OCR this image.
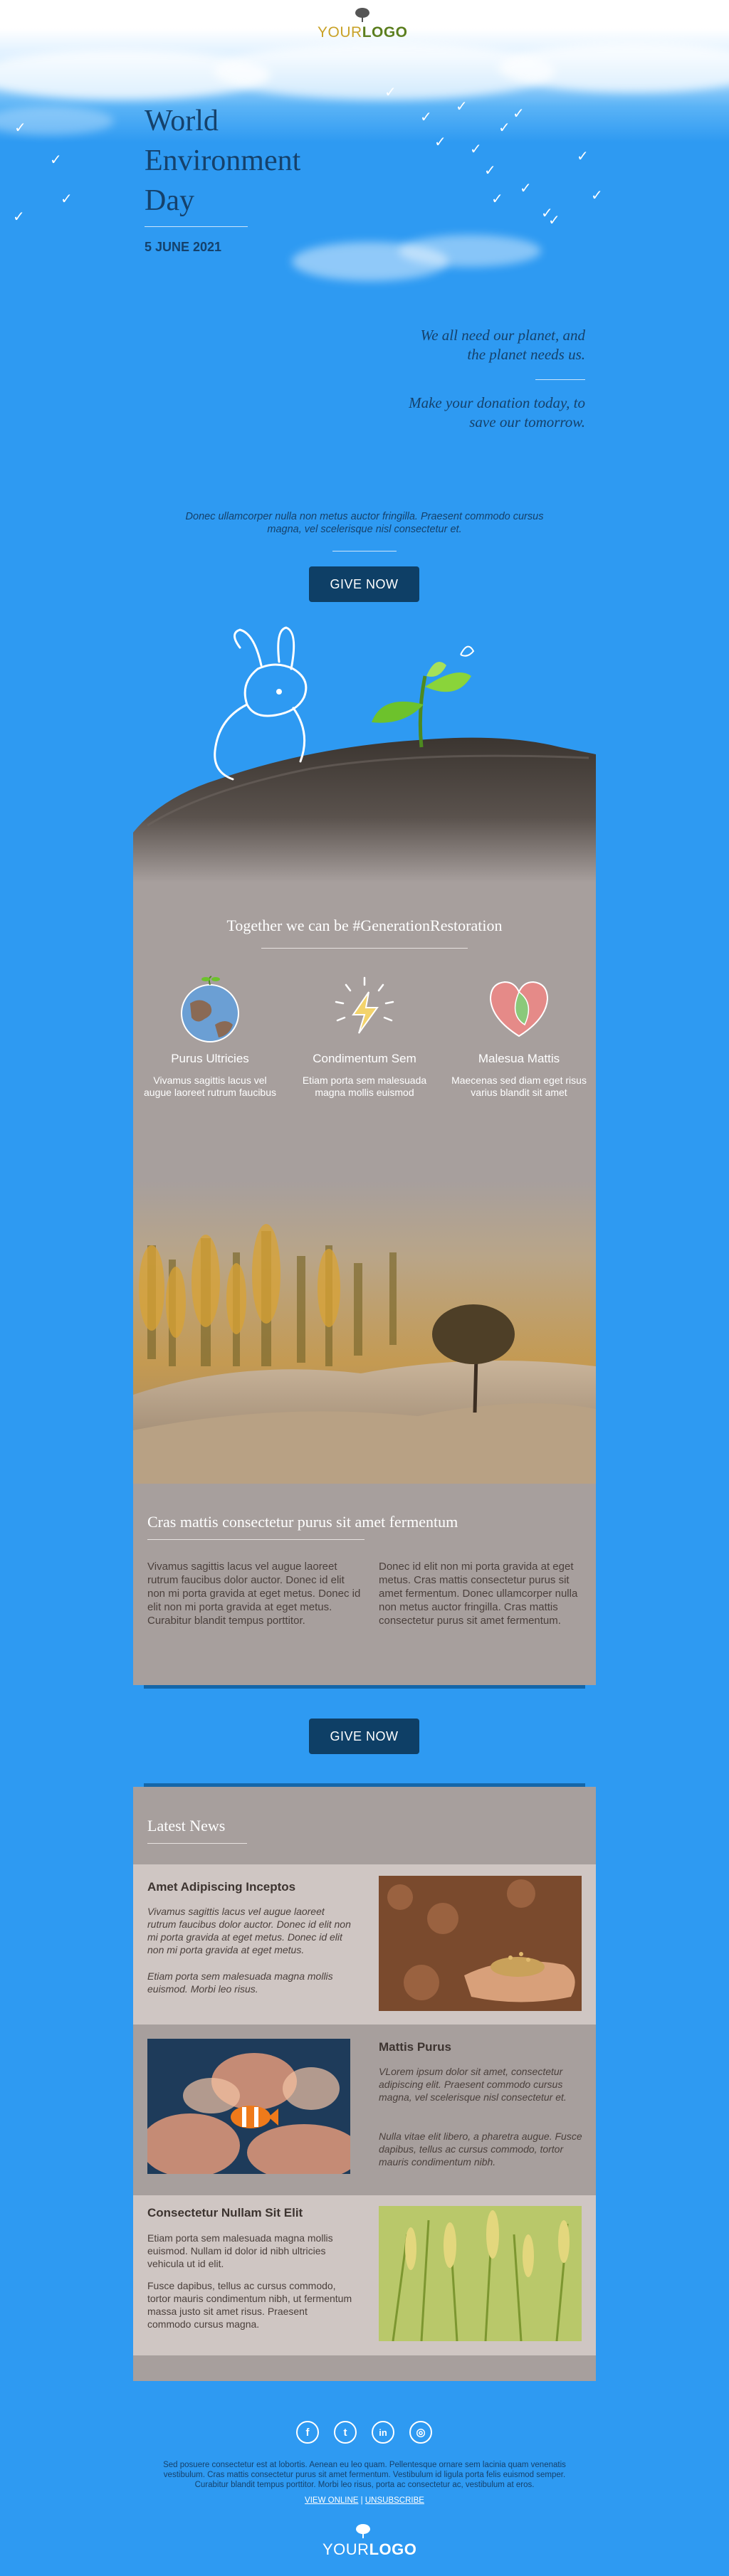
YOURLOGO
✓
✓
✓
✓
✓
✓
✓
✓
✓
✓
✓
✓
✓
✓
✓
✓
✓
✓
World
Environment
Day
5 JUNE 2021
We all need our planet, and
the planet needs us.
Make your donation today, to
save our tomorrow.
Donec ullamcorper nulla non metus auctor fringilla. Praesent commodo cursus
magna, vel scelerisque nisl consectetur et.
GIVE NOW
Together we can be #GenerationRestoration
Purus Ultricies
Vivamus sagittis lacus vel augue laoreet rutrum faucibus
Condimentum Sem
Etiam porta sem malesuada magna mollis euismod
Malesua Mattis
Maecenas sed diam eget risus varius blandit sit amet
Cras mattis consectetur purus sit amet fermentum
Vivamus sagittis lacus vel augue laoreet rutrum faucibus dolor auctor. Donec id elit non mi porta gravida at eget metus. Donec id elit non mi porta gravida at eget metus. Curabitur blandit tempus porttitor.
Donec id elit non mi porta gravida at eget metus. Cras mattis consectetur purus sit amet fermentum. Donec ullamcorper nulla non metus auctor fringilla. Cras mattis consectetur purus sit amet fermentum.
GIVE NOW
Latest News
Amet Adipiscing Inceptos
Vivamus sagittis lacus vel augue laoreet rutrum faucibus dolor auctor. Donec id elit non mi porta gravida at eget metus. Donec id elit non mi porta gravida at eget metus.
Etiam porta sem malesuada magna mollis euismod. Morbi leo risus.
Mattis Purus
VLorem ipsum dolor sit amet, consectetur adipiscing elit. Praesent commodo cursus magna, vel scelerisque nisl consectetur et.
Nulla vitae elit libero, a pharetra augue. Fusce dapibus, tellus ac cursus commodo, tortor mauris condimentum nibh.
Consectetur Nullam Sit Elit
Etiam porta sem malesuada magna mollis euismod. Nullam id dolor id nibh ultricies vehicula ut id elit.
Fusce dapibus, tellus ac cursus commodo, tortor mauris condimentum nibh, ut fermentum massa justo sit amet risus. Praesent commodo cursus magna.
f	t	in	◎
Sed posuere consectetur est at lobortis. Aenean eu leo quam. Pellentesque ornare sem lacinia quam venenatis
vestibulum. Cras mattis consectetur purus sit amet fermentum. Vestibulum id ligula porta felis euismod semper.
Curabitur blandit tempus porttitor. Morbi leo risus, porta ac consectetur ac, vestibulum at eros.
VIEW ONLINE | UNSUBSCRIBE
YOURLOGO
